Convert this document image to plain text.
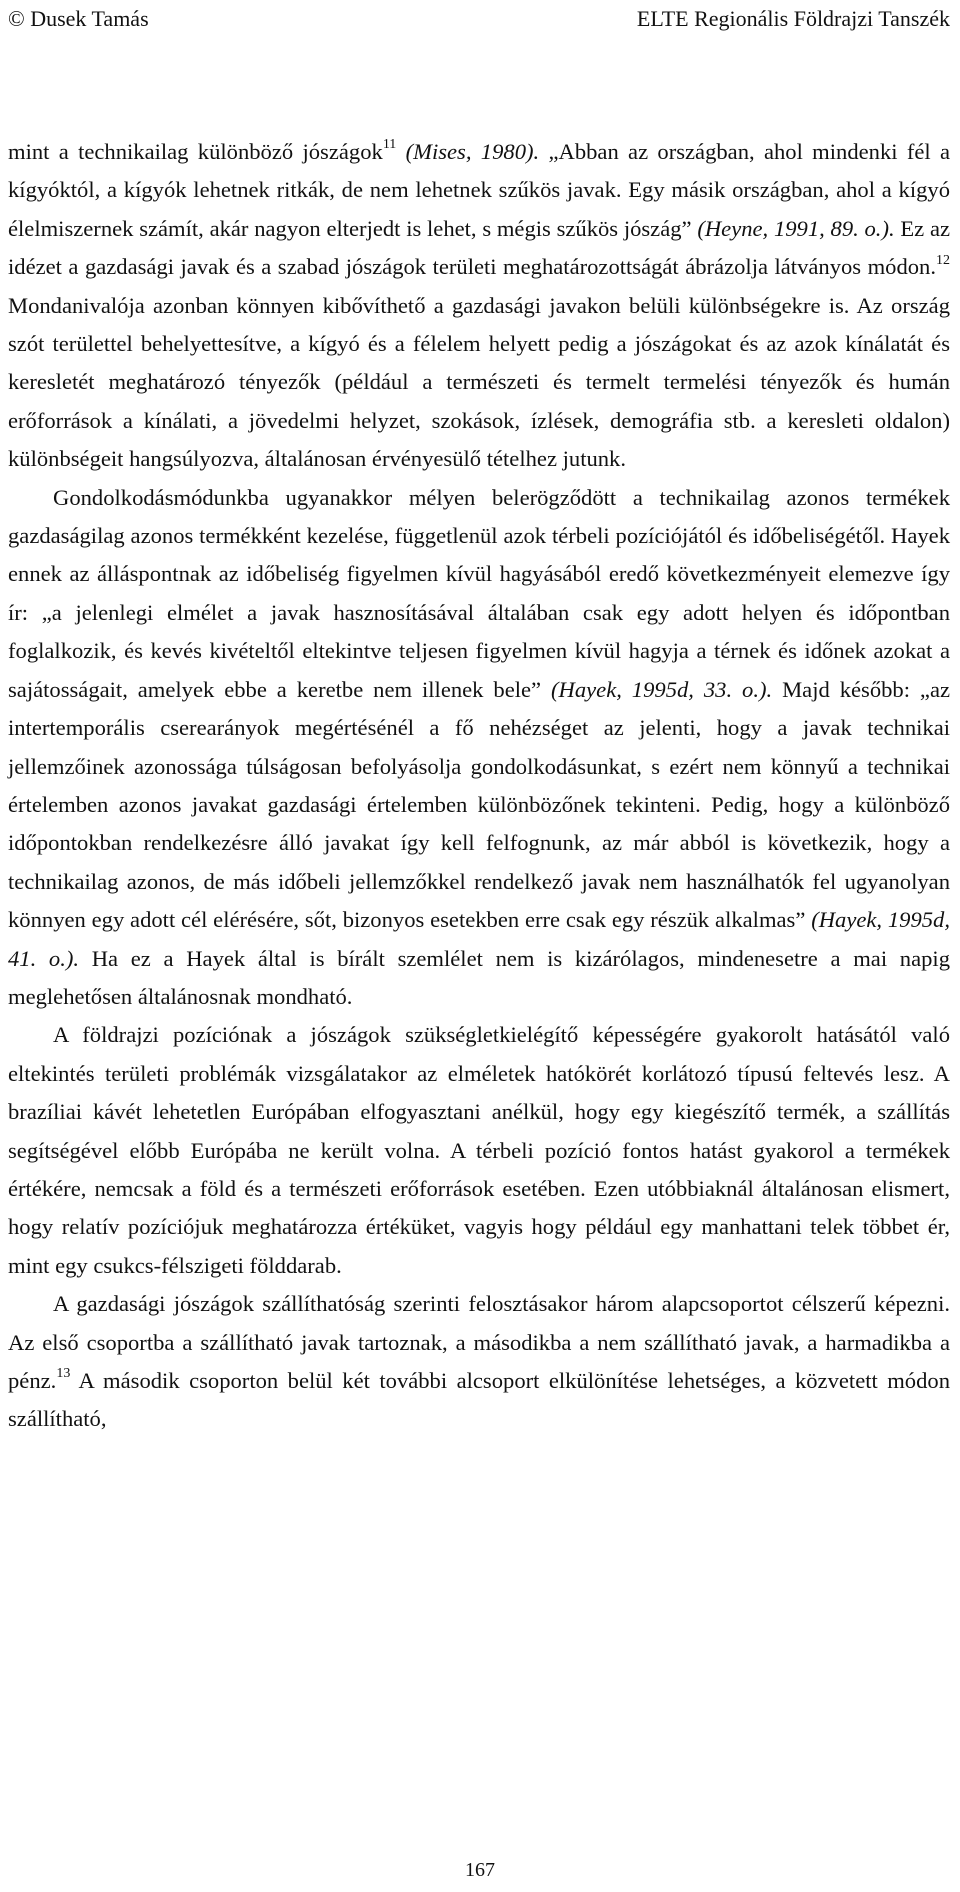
© Dusek Tamás	ELTE Regionális Földrajzi Tanszék

mint a technikailag különböző jószágok$^{11}$ (Mises, 1980). „Abban az országban, ahol mindenki fél a kígyóktól, a kígyók lehetnek ritkák, de nem lehetnek szűkös javak. Egy másik országban, ahol a kígyó élelmiszernek számít, akár nagyon elterjedt is lehet, s mégis szűkös jószág” (Heyne, 1991, 89. o.). Ez az idézet a gazdasági javak és a szabad jószágok területi meghatározottságát ábrázolja látványos módon.$^{12}$ Mondanivalója azonban könnyen kibővíthető a gazdasági javakon belüli különbségekre is. Az ország szót területtel behelyettesítve, a kígyó és a félelem helyett pedig a jószágokat és az azok kínálatát és keresletét meghatározó tényezők (például a természeti és termelt termelési tényezők és humán erőforrások a kínálati, a jövedelmi helyzet, szokások, ízlések, demográfia stb. a keresleti oldalon) különbségeit hangsúlyozva, általánosan érvényesülő tételhez jutunk.

Gondolkodásmódunkba ugyanakkor mélyen belerögződött a technikailag azonos termékek gazdaságilag azonos termékként kezelése, függetlenül azok térbeli pozíciójától és időbeliségétől. Hayek ennek az álláspontnak az időbeliség figyelmen kívül hagyásából eredő következményeit elemezve így ír: „a jelenlegi elmélet a javak hasznosításával általában csak egy adott helyen és időpontban foglalkozik, és kevés kivételtől eltekintve teljesen figyelmen kívül hagyja a térnek és időnek azokat a sajátosságait, amelyek ebbe a keretbe nem illenek bele” (Hayek, 1995d, 33. o.). Majd később: „az intertemporális cserearányok megértésénél a fő nehézséget az jelenti, hogy a javak technikai jellemzőinek azonossága túlságosan befolyásolja gondolkodásunkat, s ezért nem könnyű a technikai értelemben azonos javakat gazdasági értelemben különbözőnek tekinteni. Pedig, hogy a különböző időpontokban rendelkezésre álló javakat így kell felfognunk, az már abból is következik, hogy a technikailag azonos, de más időbeli jellemzőkkel rendelkező javak nem használhatók fel ugyanolyan könnyen egy adott cél elérésére, sőt, bizonyos esetekben erre csak egy részük alkalmas” (Hayek, 1995d, 41. o.). Ha ez a Hayek által is bírált szemlélet nem is kizárólagos, mindenesetre a mai napig meglehetősen általánosnak mondható.

A földrajzi pozíciónak a jószágok szükségletkielégítő képességére gyakorolt hatásától való eltekintés területi problémák vizsgálatakor az elméletek hatókörét korlátozó típusú feltevés lesz. A brazíliai kávét lehetetlen Európában elfogyasztani anélkül, hogy egy kiegészítő termék, a szállítás segítségével előbb Európába ne került volna. A térbeli pozíció fontos hatást gyakorol a termékek értékére, nemcsak a föld és a természeti erőforrások esetében. Ezen utóbbiaknál általánosan elismert, hogy relatív pozíciójuk meghatározza értéküket, vagyis hogy például egy manhattani telek többet ér, mint egy csukcs-félszigeti földdarab.

A gazdasági jószágok szállíthatóság szerinti felosztásakor három alapcsoportot célszerű képezni. Az első csoportba a szállítható javak tartoznak, a másodikba a nem szállítható javak, a harmadikba a pénz.$^{13}$ A második csoporton belül két további alcsoport elkülönítése lehetséges, a közvetett módon szállítható,

167
